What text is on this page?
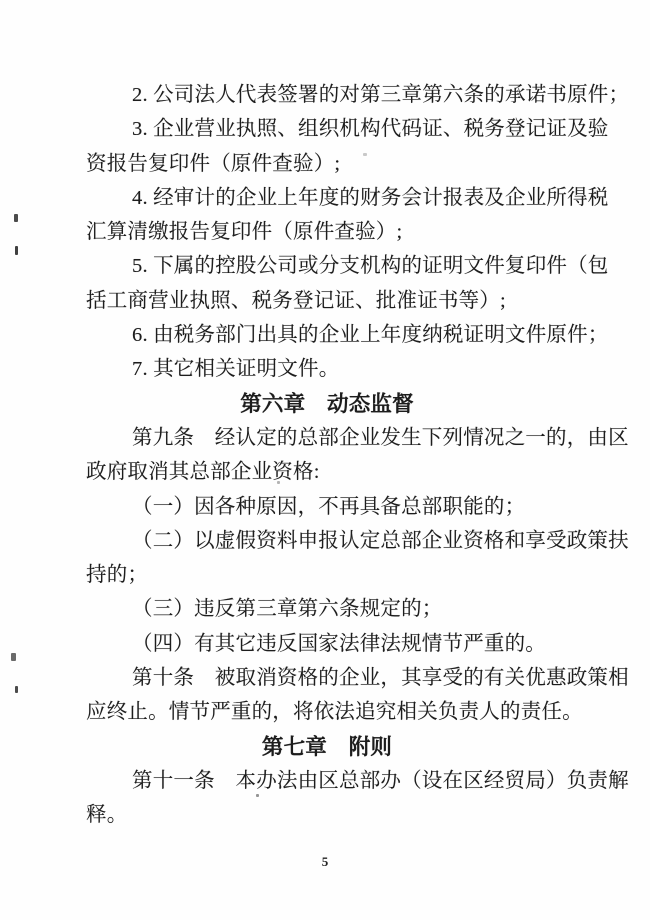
2. 公司法人代表签署的对第三章第六条的承诺书原件；
3. 企业营业执照、组织机构代码证、税务登记证及验
资报告复印件（原件查验）;
4. 经审计的企业上年度的财务会计报表及企业所得税
汇算清缴报告复印件（原件查验）;
5. 下属的控股公司或分支机构的证明文件复印件（包
括工商营业执照、税务登记证、批准证书等）;
6. 由税务部门出具的企业上年度纳税证明文件原件；
7. 其它相关证明文件。
第六章　动态监督
第九条　经认定的总部企业发生下列情况之一的，由区
政府取消其总部企业资格:
（一）因各种原因，不再具备总部职能的；
（二）以虚假资料申报认定总部企业资格和享受政策扶
持的；
（三）违反第三章第六条规定的；
（四）有其它违反国家法律法规情节严重的。
第十条　被取消资格的企业，其享受的有关优惠政策相
应终止。情节严重的，将依法追究相关负责人的责任。
第七章　附则
第十一条　本办法由区总部办（设在区经贸局）负责解
释。
5
